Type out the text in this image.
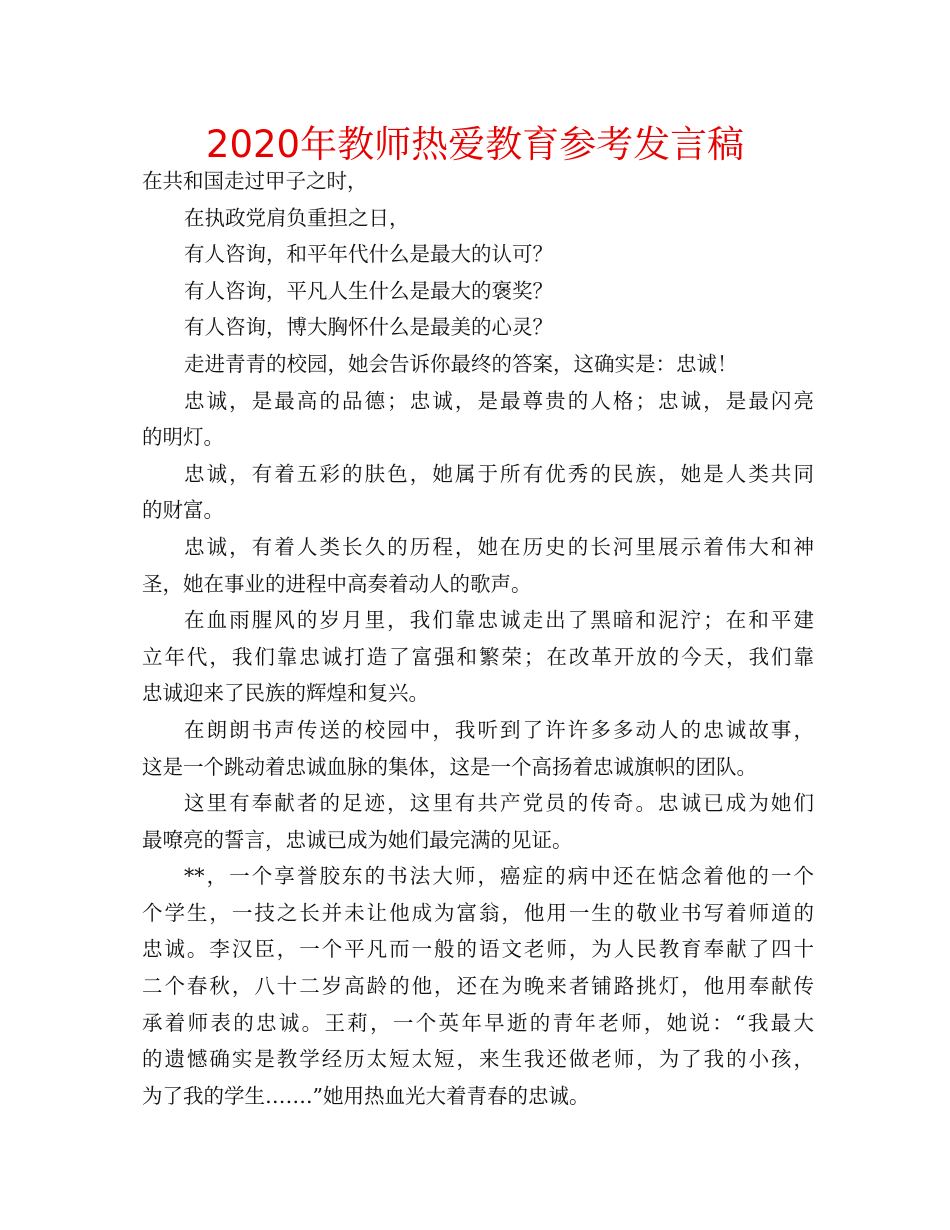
2020年教师热爱教育参考发言稿
在共和国走过甲子之时，
在执政党肩负重担之日，
有人咨询，和平年代什么是最大的认可？
有人咨询，平凡人生什么是最大的褒奖？
有人咨询，博大胸怀什么是最美的心灵？
走进青青的校园，她会告诉你最终的答案，这确实是：忠诚！
忠诚，是最高的品德；忠诚，是最尊贵的人格；忠诚，是最闪亮
的明灯。
忠诚，有着五彩的肤色，她属于所有优秀的民族，她是人类共同
的财富。
忠诚，有着人类长久的历程，她在历史的长河里展示着伟大和神
圣，她在事业的进程中高奏着动人的歌声。
在血雨腥风的岁月里，我们靠忠诚走出了黑暗和泥泞；在和平建
立年代，我们靠忠诚打造了富强和繁荣；在改革开放的今天，我们靠
忠诚迎来了民族的辉煌和复兴。
在朗朗书声传送的校园中，我听到了许许多多动人的忠诚故事，
这是一个跳动着忠诚血脉的集体，这是一个高扬着忠诚旗帜的团队。
这里有奉献者的足迹，这里有共产党员的传奇。忠诚已成为她们
最嘹亮的誓言，忠诚已成为她们最完满的见证。
**，一个享誉胶东的书法大师，癌症的病中还在惦念着他的一个
个学生，一技之长并未让他成为富翁，他用一生的敬业书写着师道的
忠诚。李汉臣，一个平凡而一般的语文老师，为人民教育奉献了四十
二个春秋，八十二岁高龄的他，还在为晚来者铺路挑灯，他用奉献传
承着师表的忠诚。王莉，一个英年早逝的青年老师，她说：“我最大
的遗憾确实是教学经历太短太短，来生我还做老师，为了我的小孩，
为了我的学生…….”她用热血光大着青春的忠诚。
